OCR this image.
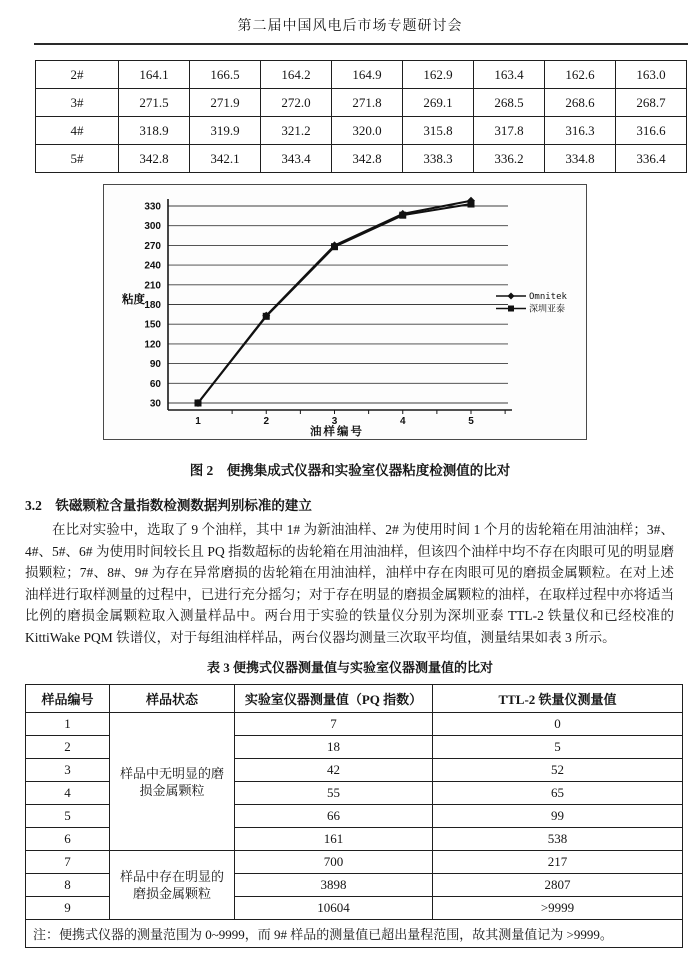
第二届中国风电后市场专题研讨会
2#	164.1	166.5	164.2	164.9	162.9	163.4	162.6	163.0
3#	271.5	271.9	272.0	271.8	269.1	268.5	268.6	268.7
4#	318.9	319.9	321.2	320.0	315.8	317.8	316.3	316.6
5#	342.8	342.1	343.4	342.8	338.3	336.2	334.8	336.4
30
60
90
120
150
180
210
240
270
300
330
1	2	3	4	5
粘度
油样编号
Omnitek
深圳亚泰
图 2　便携集成式仪器和实验室仪器粘度检测值的比对
3.2　铁磁颗粒含量指数检测数据判别标准的建立

在比对实验中，选取了 9 个油样，其中 1# 为新油油样、2# 为使用时间 1 个月的齿轮箱在用油油样；3#、4#、5#、6# 为使用时间较长且 PQ 指数超标的齿轮箱在用油油样，但该四个油样中均不存在肉眼可见的明显磨损颗粒；7#、8#、9# 为存在异常磨损的齿轮箱在用油油样，油样中存在肉眼可见的磨损金属颗粒。在对上述油样进行取样测量的过程中，已进行充分摇匀；对于存在明显的磨损金属颗粒的油样，在取样过程中亦将适当比例的磨损金属颗粒取入测量样品中。两台用于实验的铁量仪分别为深圳亚泰 TTL-2 铁量仪和已经校准的 KittiWake PQM 铁谱仪，对于每组油样样品，两台仪器均测量三次取平均值，测量结果如表 3 所示。

表 3 便携式仪器测量值与实验室仪器测量值的比对
样品编号	样品状态	实验室仪器测量值（PQ 指数）	TTL-2 铁量仪测量值
1	样品中无明显的磨损金属颗粒	7	0
2		18	5
3		42	52
4		55	65
5		66	99
6		161	538
7	样品中存在明显的磨损金属颗粒	700	217
8		3898	2807
9		10604	>9999
注：便携式仪器的测量范围为 0~9999，而 9# 样品的测量值已超出量程范围，故其测量值记为 >9999。			
